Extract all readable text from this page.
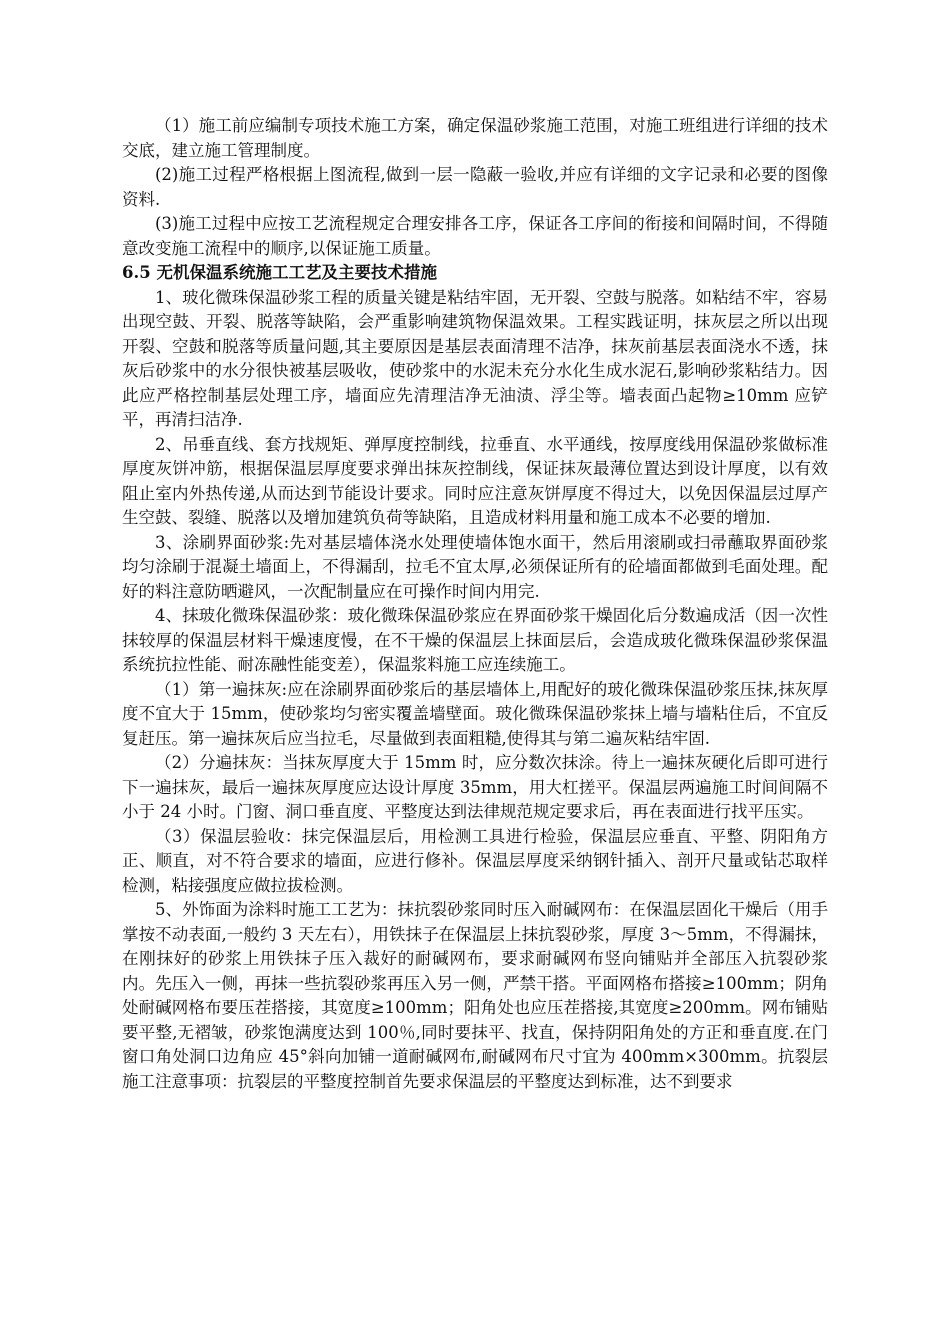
（1）施工前应编制专项技术施工方案，确定保温砂浆施工范围，对施工班组进行详细的技术交底，建立施工管理制度。

(2)施工过程严格根据上图流程,做到一层一隐蔽一验收,并应有详细的文字记录和必要的图像资料.

(3)施工过程中应按工艺流程规定合理安排各工序，保证各工序间的衔接和间隔时间，不得随意改变施工流程中的顺序,以保证施工质量。

6.5 无机保温系统施工工艺及主要技术措施

1、玻化微珠保温砂浆工程的质量关键是粘结牢固，无开裂、空鼓与脱落。如粘结不牢，容易出现空鼓、开裂、脱落等缺陷，会严重影响建筑物保温效果。工程实践证明，抹灰层之所以出现开裂、空鼓和脱落等质量问题,其主要原因是基层表面清理不洁净，抹灰前基层表面浇水不透，抹灰后砂浆中的水分很快被基层吸收，使砂浆中的水泥未充分水化生成水泥石,影响砂浆粘结力。因此应严格控制基层处理工序，墙面应先清理洁净无油渍、浮尘等。墙表面凸起物≥10mm 应铲平，再清扫洁净.

2、吊垂直线、套方找规矩、弹厚度控制线，拉垂直、水平通线，按厚度线用保温砂浆做标准厚度灰饼冲筋，根据保温层厚度要求弹出抹灰控制线，保证抹灰最薄位置达到设计厚度，以有效阻止室内外热传递,从而达到节能设计要求。同时应注意灰饼厚度不得过大，以免因保温层过厚产生空鼓、裂缝、脱落以及增加建筑负荷等缺陷，且造成材料用量和施工成本不必要的增加.

3、涂刷界面砂浆:先对基层墙体浇水处理使墙体饱水面干，然后用滚刷或扫帚蘸取界面砂浆均匀涂刷于混凝土墙面上，不得漏刮，拉毛不宜太厚,必须保证所有的砼墙面都做到毛面处理。配好的料注意防晒避风，一次配制量应在可操作时间内用完.

4、抹玻化微珠保温砂浆：玻化微珠保温砂浆应在界面砂浆干燥固化后分数遍成活（因一次性抹较厚的保温层材料干燥速度慢，在不干燥的保温层上抹面层后，会造成玻化微珠保温砂浆保温系统抗拉性能、耐冻融性能变差），保温浆料施工应连续施工。

（1）第一遍抹灰:应在涂刷界面砂浆后的基层墙体上,用配好的玻化微珠保温砂浆压抹,抹灰厚度不宜大于 15mm，使砂浆均匀密实覆盖墙壁面。玻化微珠保温砂浆抹上墙与墙粘住后，不宜反复赶压。第一遍抹灰后应当拉毛，尽量做到表面粗糙,使得其与第二遍灰粘结牢固.

（2）分遍抹灰：当抹灰厚度大于 15mm 时，应分数次抹涂。待上一遍抹灰硬化后即可进行下一遍抹灰，最后一遍抹灰厚度应达设计厚度 35mm，用大杠搓平。保温层两遍施工时间间隔不小于 24 小时。门窗、洞口垂直度、平整度达到法律规范规定要求后，再在表面进行找平压实。

（3）保温层验收：抹完保温层后，用检测工具进行检验，保温层应垂直、平整、阴阳角方正、顺直，对不符合要求的墙面，应进行修补。保温层厚度采纳钢针插入、剖开尺量或钻芯取样检测，粘接强度应做拉拔检测。

5、外饰面为涂料时施工工艺为：抹抗裂砂浆同时压入耐碱网布：在保温层固化干燥后（用手掌按不动表面,一般约 3 天左右），用铁抹子在保温层上抹抗裂砂浆，厚度 3～5mm，不得漏抹，在刚抹好的砂浆上用铁抹子压入裁好的耐碱网布，要求耐碱网布竖向铺贴并全部压入抗裂砂浆内。先压入一侧，再抹一些抗裂砂浆再压入另一侧，严禁干搭。平面网格布搭接≥100mm；阴角处耐碱网格布要压茬搭接，其宽度≥100mm；阳角处也应压茬搭接,其宽度≥200mm。网布铺贴要平整,无褶皱，砂浆饱满度达到 100％,同时要抹平、找直，保持阴阳角处的方正和垂直度.在门窗口角处洞口边角应 45°斜向加铺一道耐碱网布,耐碱网布尺寸宜为 400mm×300mm。抗裂层施工注意事项：抗裂层的平整度控制首先要求保温层的平整度达到标准，达不到要求
